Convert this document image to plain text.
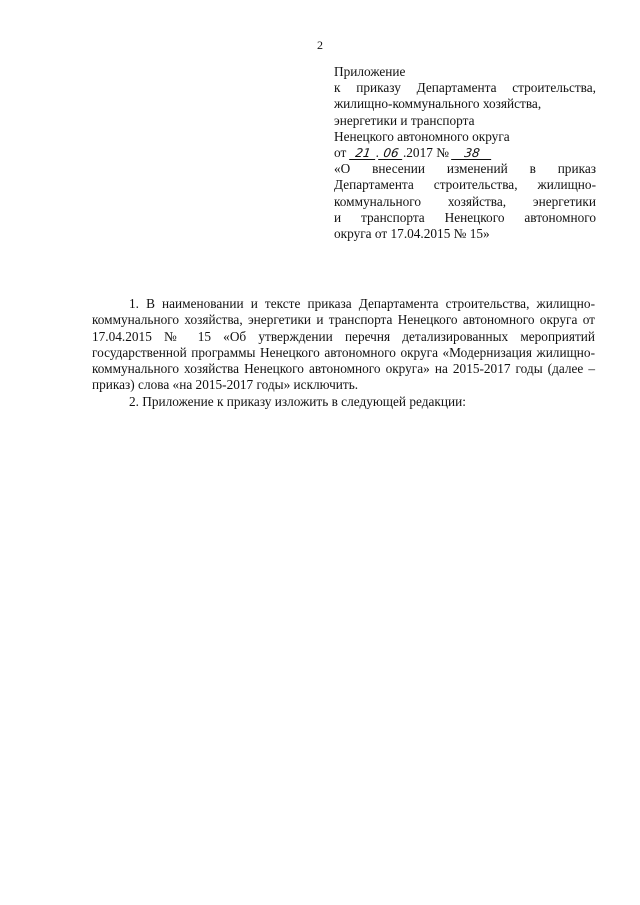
2
Приложение
к приказу Департамента строительства,
жилищно-коммунального хозяйства,
энергетики и транспорта
Ненецкого автономного округа
от 21 . 06 .2017 № 38
«О внесении изменений в приказ
Департамента строительства, жилищно-
коммунального хозяйства, энергетики
и транспорта Ненецкого автономного
округа от 17.04.2015 № 15»

1. В наименовании и тексте приказа Департамента строительства, жилищно-коммунального хозяйства, энергетики и транспорта Ненецкого автономного округа от 17.04.2015 № 15 «Об утверждении перечня детализированных мероприятий государственной программы Ненецкого автономного округа «Модернизация жилищно-коммунального хозяйства Ненецкого автономного округа» на 2015-2017 годы (далее – приказ) слова «на 2015-2017 годы» исключить.

2. Приложение к приказу изложить в следующей редакции:
